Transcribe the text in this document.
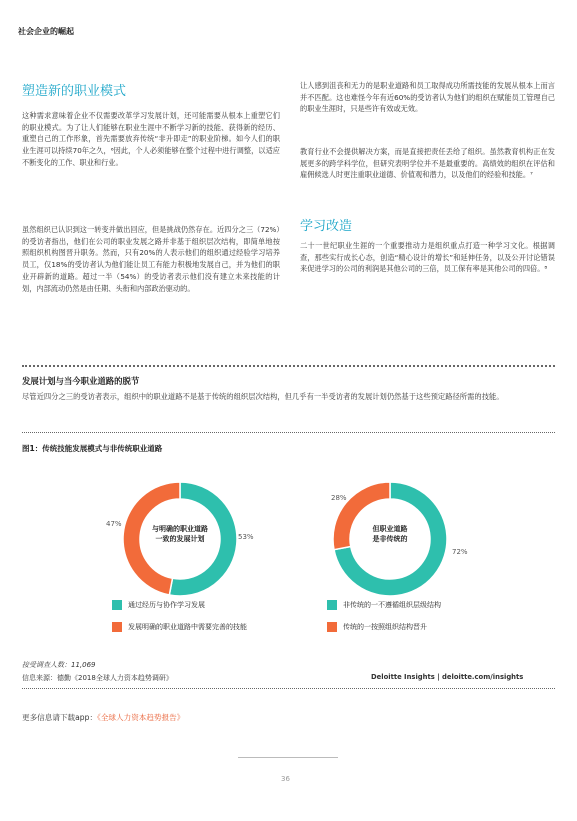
社会企业的崛起
塑造新的职业模式

这种需求意味着企业不仅需要改革学习发展计划，还可能需要从根本上重塑它们的职业模式。为了让人们能够在职业生涯中不断学习新的技能、获得新的经历、重塑自己的工作形象，首先需要放弃传统“非升即走”的职业阶梯。如今人们的职业生涯可以持续70年之久，⁶因此，个人必须能够在整个过程中进行调整，以适应不断变化的工作、职业和行业。

虽然组织已认识到这一转变并做出回应，但是挑战仍然存在。近四分之三（72%）的受访者指出，他们在公司的职业发展之路并非基于组织层次结构，即简单地按照组织机构图晋升职务。然而，只有20%的人表示他们的组织通过经验学习培养员工，仅18%的受访者认为他们能让员工有能力积极地发展自己，并为他们的职业开辟新的道路。超过一半（54%）的受访者表示他们没有建立未来技能的计划，内部流动仍然是由任期、头衔和内部政治驱动的。

让人感到沮丧和无力的是职业道路和员工取得成功所需技能的发展从根本上而言并不匹配。这也难怪今年有近60%的受访者认为他们的组织在赋能员工管理自己的职业生涯时，只是些许有效或无效。

教育行业不会提供解决方案，而是直接把责任丢给了组织。虽然教育机构正在发展更多的跨学科学位，但研究表明学位并不是最重要的。高绩效的组织在评估和雇佣候选人时更注重职业道德、价值观和潜力，以及他们的经验和技能。⁷

学习改造

二十一世纪职业生涯的一个重要推动力是组织重点打造一种学习文化。根据调查，那些实行成长心态，创造“精心设计的增长”和延伸任务，以及公开讨论错误来促进学习的公司的利润是其他公司的三倍，员工保有率是其他公司的四倍。⁸

发展计划与当今职业道路的脱节

尽管近四分之三的受访者表示，组织中的职业道路不是基于传统的组织层次结构，但几乎有一半受访者的发展计划仍然基于这些预定路径所需的技能。

图1：传统技能发展模式与非传统职业道路
与明确的职业道路
一致的发展计划
但职业道路
是非传统的
53%
47%
72%
28%
通过经历与协作学习发展
发展明确的职业道路中需要完善的技能
非传统的一不遵循组织层级结构
传统的一按照组织结构晋升
接受调查人数：11,069
信息来源：德勤《2018全球人力资本趋势调研》	Deloitte Insights | deloitte.com/insights
更多信息请下载app：《全球人力资本趋势报告》
36
